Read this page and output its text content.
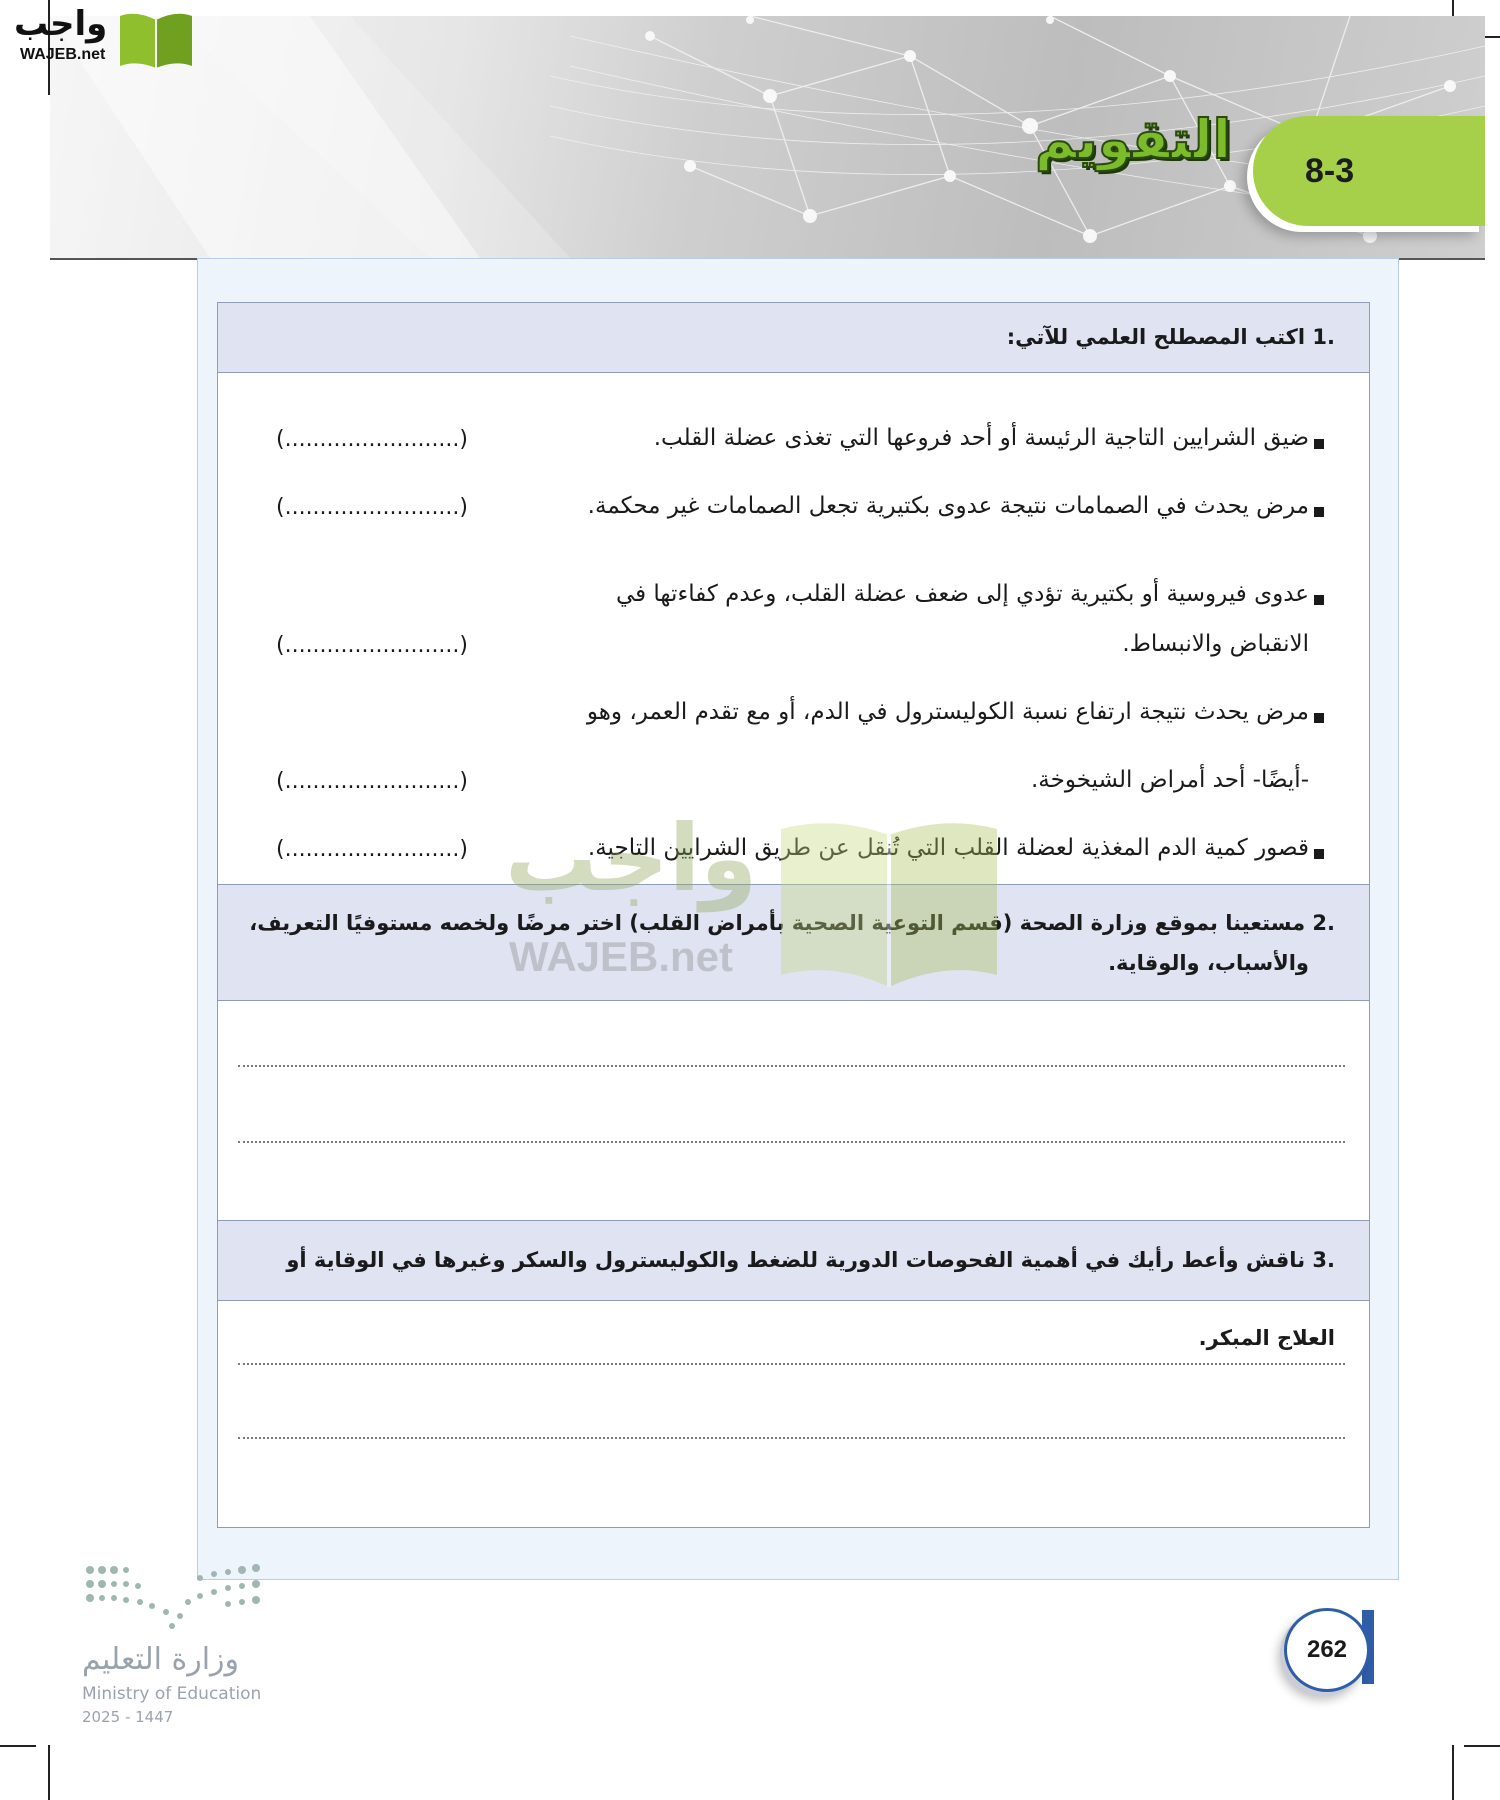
8-3
التقويم
واجب
WAJEB.net
.1 اكتب المصطلح العلمي للآتي:
ضيق الشرايين التاجية الرئيسة أو أحد فروعها التي تغذى عضلة القلب.
(.........................)
مرض يحدث في الصمامات نتيجة عدوى بكتيرية تجعل الصمامات غير محكمة.
(.........................)
عدوى فيروسية أو بكتيرية تؤدي إلى ضعف عضلة القلب، وعدم كفاءتها في
الانقباض والانبساط.
(.........................)
مرض يحدث نتيجة ارتفاع نسبة الكوليسترول في الدم، أو مع تقدم العمر، وهو
-أيضًا- أحد أمراض الشيخوخة.
(.........................)
قصور كمية الدم المغذية لعضلة القلب التي تُنقل عن طريق الشرايين التاجية.
(.........................)
.2 مستعينا بموقع وزارة الصحة (قسم التوعية الصحية بأمراض القلب) اختر مرضًا ولخصه مستوفيًا التعريف،
والأسباب، والوقاية.
.3 ناقش وأعط رأيك في أهمية الفحوصات الدورية للضغط والكوليسترول والسكر وغيرها في الوقاية أو العلاج المبكر.
واجب
WAJEB.net
وزارة التعليم
Ministry of Education
2025 - 1447
262
